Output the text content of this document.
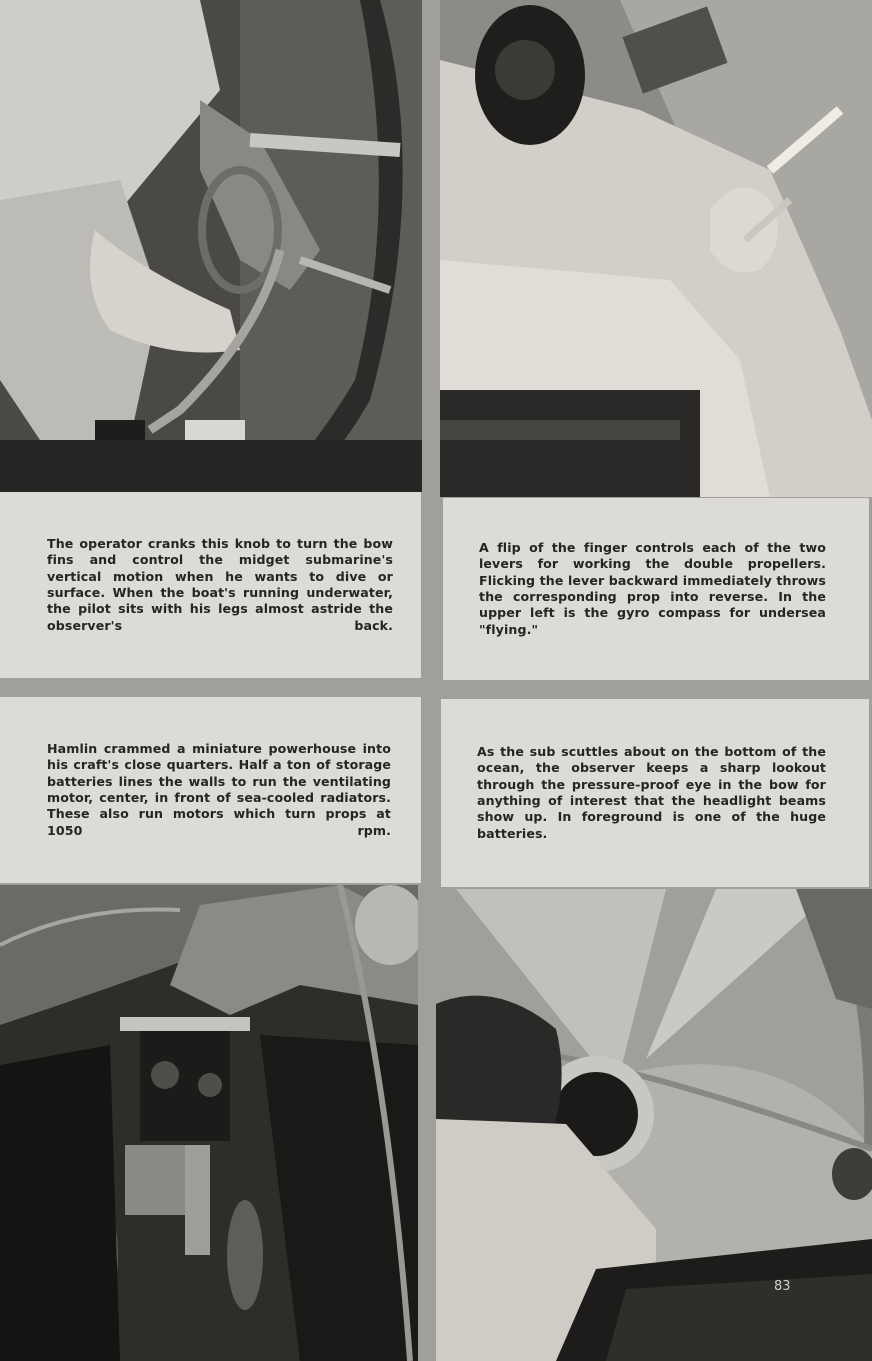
The operator cranks this knob to turn the bow fins and control the midget submarine's vertical motion when he wants to dive or surface. When the boat's running underwater, the pilot sits with his legs almost astride the observer's back.

A flip of the finger controls each of the two levers for working the double propellers. Flicking the lever backward immediately throws the corresponding prop into reverse. In the upper left is the gyro compass for undersea "flying."

Hamlin crammed a miniature powerhouse into his craft's close quarters. Half a ton of storage batteries lines the walls to run the ventilating motor, center, in front of sea-cooled radiators. These also run motors which turn props at 1050 rpm.

As the sub scuttles about on the bottom of the ocean, the observer keeps a sharp lookout through the pressure-proof eye in the bow for anything of interest that the headlight beams show up. In foreground is one of the huge batteries.

83
